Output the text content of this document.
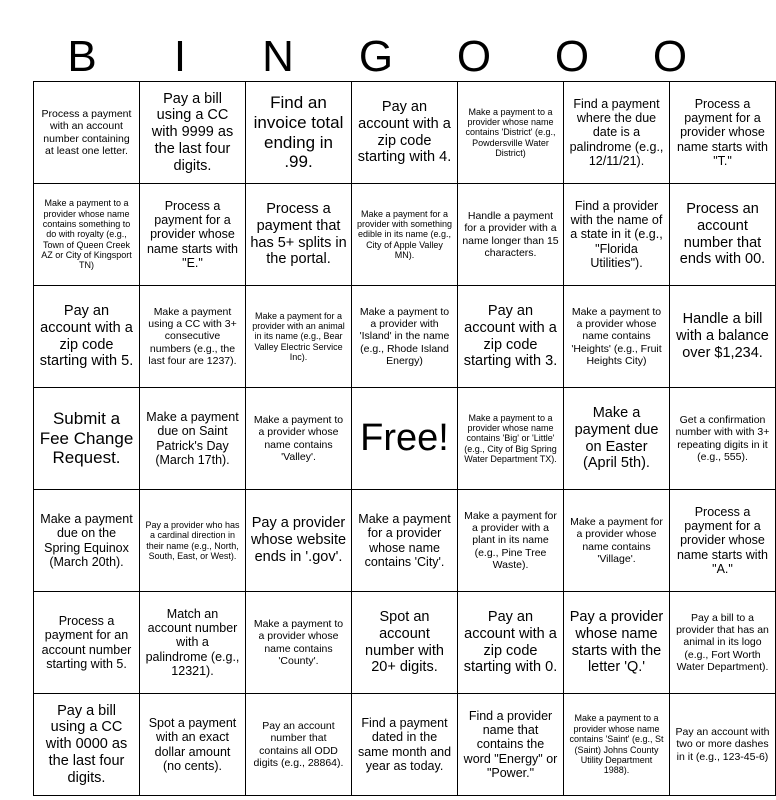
B	I	N	G	O	O	O
Process a payment with an account number containing at least one letter.	Pay a bill using a CC with 9999 as the last four digits.	Find an invoice total ending in .99.	Pay an account with a zip code starting with 4.	Make a payment to a provider whose name contains 'District' (e.g., Powdersville Water District)	Find a payment where the due date is a palindrome (e.g., 12/11/21).	Process a payment for a provider whose name starts with "T."
Make a payment to a provider whose name contains something to do with royalty (e.g., Town of Queen Creek AZ or City of Kingsport TN)	Process a payment for a provider whose name starts with "E."	Process a payment that has 5+ splits in the portal.	Make a payment for a provider with something edible in its name (e.g., City of Apple Valley MN).	Handle a payment for a provider with a name longer than 15 characters.	Find a provider with the name of a state in it (e.g., "Florida Utilities").	Process an account number that ends with 00.
Pay an account with a zip code starting with 5.	Make a payment using a CC with 3+ consecutive numbers (e.g., the last four are 1237).	Make a payment for a provider with an animal in its name (e.g., Bear Valley Electric Service Inc).	Make a payment to a provider with 'Island' in the name (e.g., Rhode Island Energy)	Pay an account with a zip code starting with 3.	Make a payment to a provider whose name contains 'Heights' (e.g., Fruit Heights City)	Handle a bill with a balance over $1,234.
Submit a Fee Change Request.	Make a payment due on Saint Patrick's Day (March 17th).	Make a payment to a provider whose name contains 'Valley'.	Free!	Make a payment to a provider whose name contains 'Big' or 'Little' (e.g., City of Big Spring Water Department TX).	Make a payment due on Easter (April 5th).	Get a confirmation number with with 3+ repeating digits in it (e.g., 555).
Make a payment due on the Spring Equinox (March 20th).	Pay a provider who has a cardinal direction in their name (e.g., North, South, East, or West).	Pay a provider whose website ends in '.gov'.	Make a payment for a provider whose name contains 'City'.	Make a payment for a provider with a plant in its name (e.g., Pine Tree Waste).	Make a payment for a provider whose name contains 'Village'.	Process a payment for a provider whose name starts with "A."
Process a payment for an account number starting with 5.	Match an account number with a palindrome (e.g., 12321).	Make a payment to a provider whose name contains 'County'.	Spot an account number with 20+ digits.	Pay an account with a zip code starting with 0.	Pay a provider whose name starts with the letter 'Q.'	Pay a bill to a provider that has an animal in its logo (e.g., Fort Worth Water Department).
Pay a bill using a CC with 0000 as the last four digits.	Spot a payment with an exact dollar amount (no cents).	Pay an account number that contains all ODD digits (e.g., 28864).	Find a payment dated in the same month and year as today.	Find a provider name that contains the word "Energy" or "Power."	Make a payment to a provider whose name contains 'Saint' (e.g., St (Saint) Johns County Utility Department 1988).	Pay an account with two or more dashes in it (e.g., 123-45-6)
